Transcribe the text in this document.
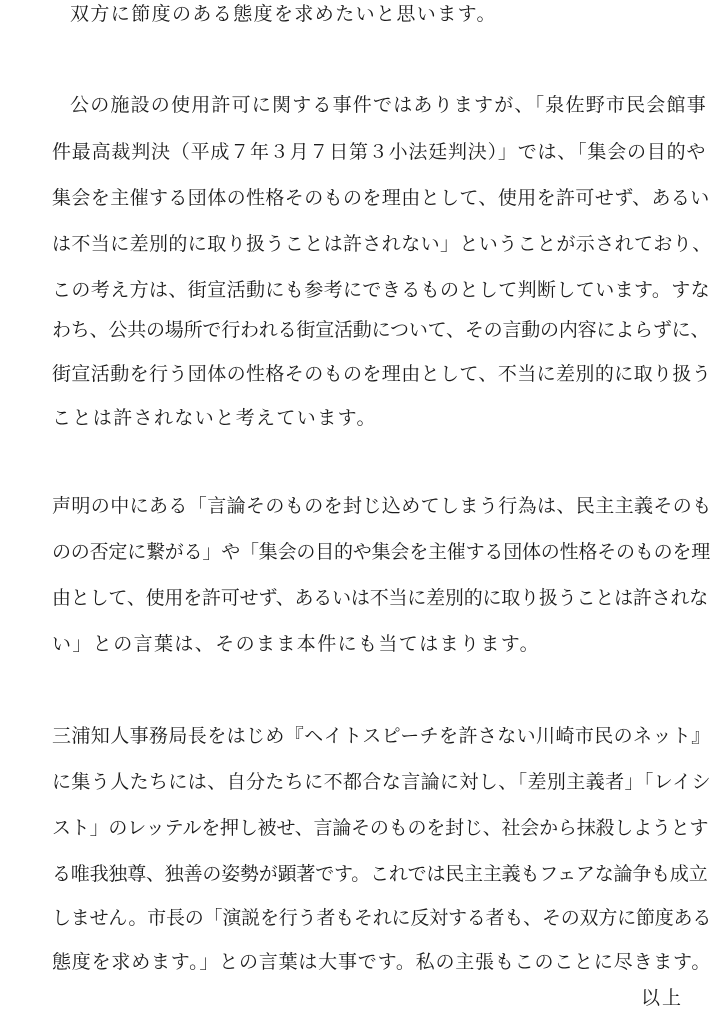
双方に節度のある態度を求めたいと思います。
公の施設の使用許可に関する事件ではありますが、「泉佐野市民会館事
件最高裁判決（平成７年３月７日第３小法廷判決）」では、「集会の目的や
集会を主催する団体の性格そのものを理由として、使用を許可せず、あるい
は不当に差別的に取り扱うことは許されない」ということが示されており、
この考え方は、街宣活動にも参考にできるものとして判断しています。すな
わち、公共の場所で行われる街宣活動について、その言動の内容によらずに、
街宣活動を行う団体の性格そのものを理由として、不当に差別的に取り扱う
ことは許されないと考えています。
声明の中にある「言論そのものを封じ込めてしまう行為は、民主主義そのも
のの否定に繋がる」や「集会の目的や集会を主催する団体の性格そのものを理
由として、使用を許可せず、あるいは不当に差別的に取り扱うことは許されな
い」との言葉は、そのまま本件にも当てはまります。
三浦知人事務局長をはじめ『ヘイトスピーチを許さない川崎市民のネット』
に集う人たちには、自分たちに不都合な言論に対し、「差別主義者」「レイシ
スト」のレッテルを押し被せ、言論そのものを封じ、社会から抹殺しようとす
る唯我独尊、独善の姿勢が顕著です。これでは民主主義もフェアな論争も成立
しません。市長の「演説を行う者もそれに反対する者も、その双方に節度ある
態度を求めます。」との言葉は大事です。私の主張もこのことに尽きます。
以上
